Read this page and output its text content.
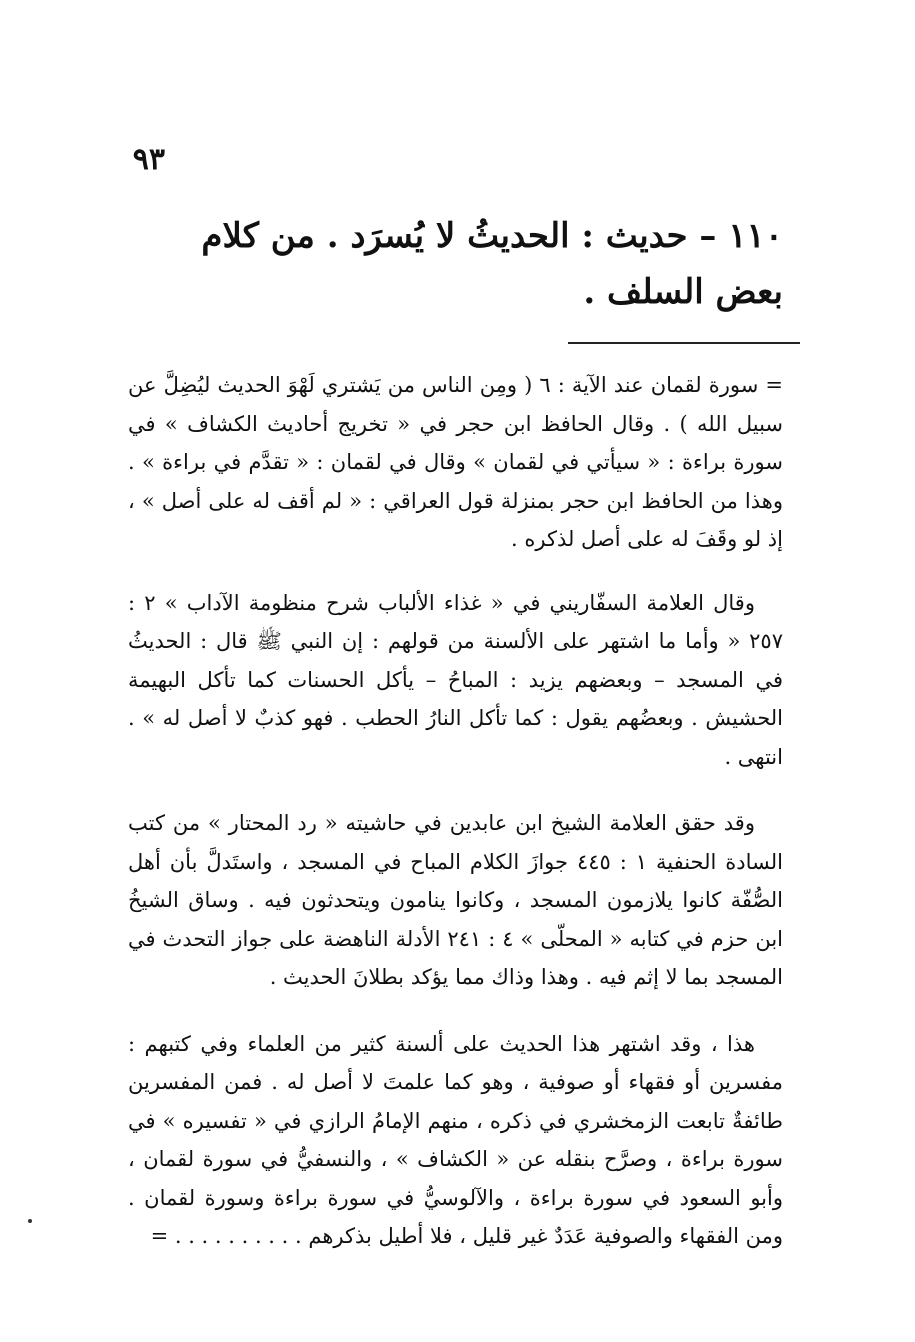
٩٣
١١٠ – حديث : الحديثُ لا يُسرَد . من كلام بعض السلف .

= سورة لقمان عند الآية : ٦ ( ومِن الناس من يَشتري لَهْوَ الحديث ليُضِلَّ عن سبيل الله ) . وقال الحافظ ابن حجر في « تخريج أحاديث الكشاف » في سورة براءة : « سيأتي في لقمان » وقال في لقمان : « تقدَّم في براءة » . وهذا من الحافظ ابن حجر بمنزلة قول العراقي : « لم أقف له على أصل » ، إذ لو وقَفَ له على أصل لذكره .

وقال العلامة السفّاريني في « غذاء الألباب شرح منظومة الآداب » ٢ : ٢٥٧ « وأما ما اشتهر على الألسنة من قولهم : إن النبي ﷺ قال : الحديثُ في المسجد – وبعضهم يزيد : المباحُ – يأكل الحسنات كما تأكل البهيمة الحشيش . وبعضُهم يقول : كما تأكل النارُ الحطب . فهو كذبٌ لا أصل له » . انتهى .

وقد حقق العلامة الشيخ ابن عابدين في حاشيته « رد المحتار » من كتب السادة الحنفية ١ : ٤٤٥ جوازَ الكلام المباح في المسجد ، واستَدلَّ بأن أهل الصُّفّة كانوا يلازمون المسجد ، وكانوا ينامون ويتحدثون فيه . وساق الشيخُ ابن حزم في كتابه « المحلّى » ٤ : ٢٤١ الأدلة الناهضة على جواز التحدث في المسجد بما لا إثم فيه . وهذا وذاك مما يؤكد بطلانَ الحديث .

هذا ، وقد اشتهر هذا الحديث على ألسنة كثير من العلماء وفي كتبهم : مفسرين أو فقهاء أو صوفية ، وهو كما علمتَ لا أصل له . فمن المفسرين طائفةٌ تابعت الزمخشري في ذكره ، منهم الإمامُ الرازي في « تفسيره » في سورة براءة ، وصرَّح بنقله عن « الكشاف » ، والنسفيُّ في سورة لقمان ، وأبو السعود في سورة براءة ، والآلوسيُّ في سورة براءة وسورة لقمان . ومن الفقهاء والصوفية عَدَدٌ غير قليل ، فلا أطيل بذكرهم . . . . . . . . . . =
